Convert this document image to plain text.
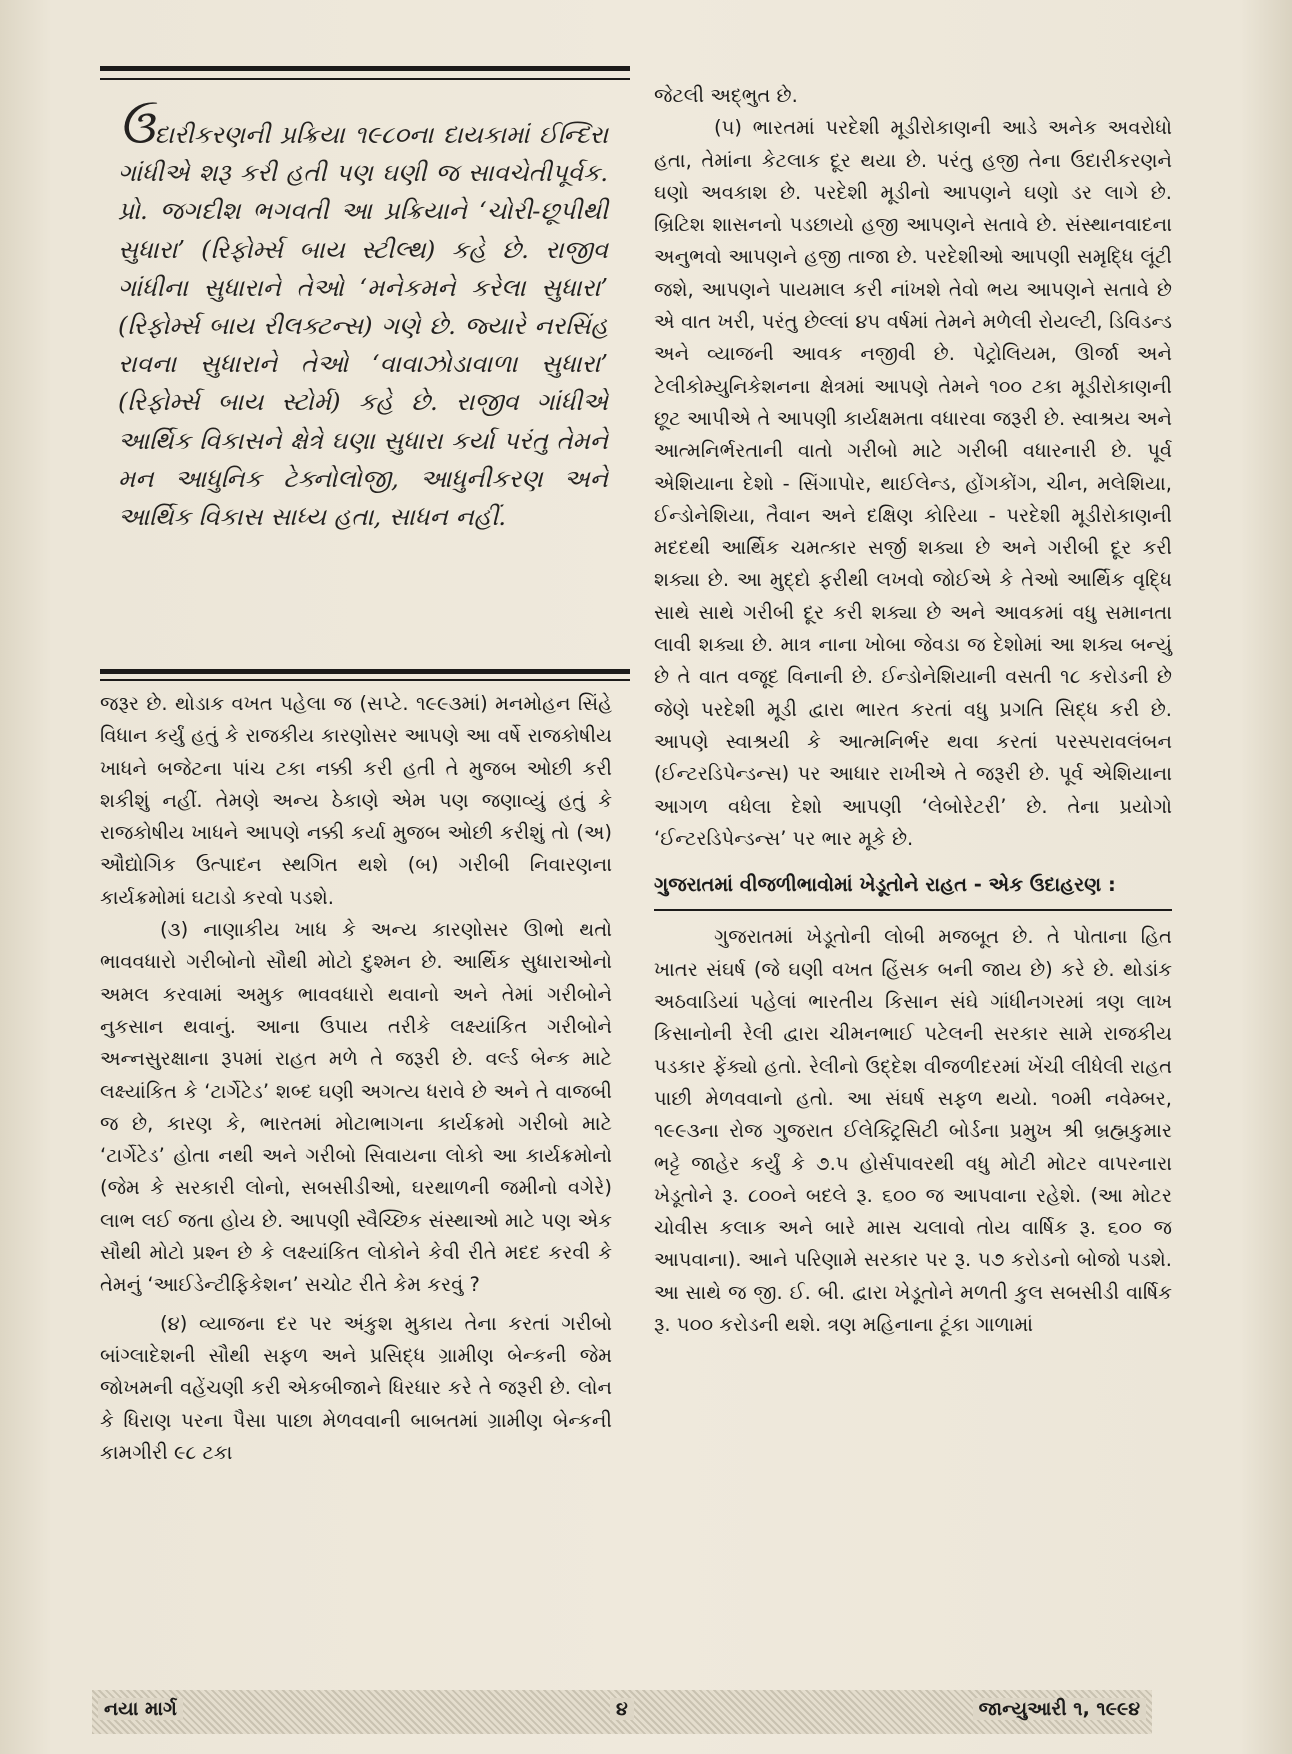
ઉદારીકરણની પ્રક્રિયા ૧૯૮૦ના દાયકામાં ઈન્દિરા ગાંધીએ શરૂ કરી હતી પણ ઘણી જ સાવચેતીપૂર્વક. પ્રો. જગદીશ ભગવતી આ પ્રક્રિયાને ‘ચોરી-છૂપીથી સુધારા’ (રિફોર્મ્સ બાય સ્ટીલ્થ) કહે છે. રાજીવ ગાંધીના સુધારાને તેઓ ‘મનેકમને કરેલા સુધારા’ (રિફોર્મ્સ બાય રીલક્ટન્સ) ગણે છે. જ્યારે નરસિંહ રાવના સુધારાને તેઓ ‘વાવાઝોડાવાળા સુધારા’ (રિફોર્મ્સ બાય સ્ટોર્મ) કહે છે. રાજીવ ગાંધીએ આર્થિક વિકાસને ક્ષેત્રે ઘણા સુધારા કર્યા પરંતુ તેમને મન આધુનિક ટેક્નોલોજી, આધુનીકરણ અને આર્થિક વિકાસ સાધ્ય હતા, સાધન નહીં.

જરૂર છે. થોડાક વખત પહેલા જ (સપ્ટે. ૧૯૯૩માં) મનમોહન સિંહે વિધાન કર્યું હતું કે રાજકીય કારણોસર આપણે આ વર્ષે રાજકોષીય ખાધને બજેટના પાંચ ટકા નક્કી કરી હતી તે મુજબ ઓછી કરી શકીશું નહીં. તેમણે અન્ય ઠેકાણે એમ પણ જણાવ્યું હતું કે રાજકોષીય ખાધને આપણે નક્કી કર્યા મુજબ ઓછી કરીશું તો (અ) ઔદ્યોગિક ઉત્પાદન સ્થગિત થશે (બ) ગરીબી નિવારણના કાર્યક્રમોમાં ઘટાડો કરવો પડશે.

(૩) નાણાકીય ખાધ કે અન્ય કારણોસર ઊભો થતો ભાવવધારો ગરીબોનો સૌથી મોટો દુશ્મન છે. આર્થિક સુધારાઓનો અમલ કરવામાં અમુક ભાવવધારો થવાનો અને તેમાં ગરીબોને નુકસાન થવાનું. આના ઉપાય તરીકે લક્ષ્યાંકિત ગરીબોને અન્નસુરક્ષાના રૂપમાં રાહત મળે તે જરૂરી છે. વર્લ્ડ બેન્ક માટે લક્ષ્યાંકિત કે ‘ટાર્ગેટેડ’ શબ્દ ઘણી અગત્ય ધરાવે છે અને તે વાજબી જ છે, કારણ કે, ભારતમાં મોટાભાગના કાર્યક્રમો ગરીબો માટે ‘ટાર્ગેટેડ’ હોતા નથી અને ગરીબો સિવાયના લોકો આ કાર્યક્રમોનો (જેમ કે સરકારી લોનો, સબસીડીઓ, ઘરથાળની જમીનો વગેરે) લાભ લઈ જતા હોય છે. આપણી સ્વૈચ્છિક સંસ્થાઓ માટે પણ એક સૌથી મોટો પ્રશ્ન છે કે લક્ષ્યાંકિત લોકોને કેવી રીતે મદદ કરવી કે તેમનું ‘આઈડેન્ટીફિકેશન’ સચોટ રીતે કેમ કરવું ?

(૪) વ્યાજના દર પર અંકુશ મુકાય તેના કરતાં ગરીબો બાંગ્લાદેશની સૌથી સફળ અને પ્રસિદ્ધ ગ્રામીણ બેન્કની જેમ જોખમની વહેંચણી કરી એકબીજાને ધિરધાર કરે તે જરૂરી છે. લોન કે ધિરાણ પરના પૈસા પાછા મેળવવાની બાબતમાં ગ્રામીણ બેન્કની કામગીરી ૯૮ ટકા

જેટલી અદ્ભુત છે.

(૫) ભારતમાં પરદેશી મૂડીરોકાણની આડે અનેક અવરોધો હતા, તેમાંના કેટલાક દૂર થયા છે. પરંતુ હજી તેના ઉદારીકરણને ઘણો અવકાશ છે. પરદેશી મૂડીનો આપણને ઘણો ડર લાગે છે. બ્રિટિશ શાસનનો પડછાયો હજી આપણને સતાવે છે. સંસ્થાનવાદના અનુભવો આપણને હજી તાજા છે. પરદેશીઓ આપણી સમૃદ્ધિ લૂંટી જશે, આપણને પાયમાલ કરી નાંખશે તેવો ભય આપણને સતાવે છે એ વાત ખરી, પરંતુ છેલ્લાં ૪૫ વર્ષમાં તેમને મળેલી રોયલ્ટી, ડિવિડન્ડ અને વ્યાજની આવક નજીવી છે. પેટ્રોલિયમ, ઊર્જા અને ટેલીકોમ્યુનિકેશનના ક્ષેત્રમાં આપણે તેમને ૧૦૦ ટકા મૂડીરોકાણની છૂટ આપીએ તે આપણી કાર્યક્ષમતા વધારવા જરૂરી છે. સ્વાશ્રય અને આત્મનિર્ભરતાની વાતો ગરીબો માટે ગરીબી વધારનારી છે. પૂર્વ એશિયાના દેશો - સિંગાપોર, થાઈલેન્ડ, હોંગકોંગ, ચીન, મલેશિયા, ઈન્ડોનેશિયા, તૈવાન અને દક્ષિણ કોરિયા - પરદેશી મૂડીરોકાણની મદદથી આર્થિક ચમત્કાર સર્જી શક્યા છે અને ગરીબી દૂર કરી શક્યા છે. આ મુદ્દો ફરીથી લખવો જોઈએ કે તેઓ આર્થિક વૃદ્ધિ સાથે સાથે ગરીબી દૂર કરી શક્યા છે અને આવકમાં વધુ સમાનતા લાવી શક્યા છે. માત્ર નાના ખોબા જેવડા જ દેશોમાં આ શક્ય બન્યું છે તે વાત વજૂદ વિનાની છે. ઈન્ડોનેશિયાની વસતી ૧૮ કરોડની છે જેણે પરદેશી મૂડી દ્વારા ભારત કરતાં વધુ પ્રગતિ સિદ્ધ કરી છે. આપણે સ્વાશ્રયી કે આત્મનિર્ભર થવા કરતાં પરસ્પરાવલંબન (ઈન્ટરડિપેન્ડન્સ) પર આધાર રાખીએ તે જરૂરી છે. પૂર્વ એશિયાના આગળ વધેલા દેશો આપણી ‘લેબોરેટરી’ છે. તેના પ્રયોગો ‘ઈન્ટરડિપેન્ડન્સ’ પર ભાર મૂકે છે.

ગુજરાતમાં વીજળીભાવોમાં ખેડૂતોને રાહત - એક ઉદાહરણ :

ગુજરાતમાં ખેડૂતોની લોબી મજબૂત છે. તે પોતાના હિત ખાતર સંઘર્ષ (જે ઘણી વખત હિંસક બની જાય છે) કરે છે. થોડાંક અઠવાડિયાં પહેલાં ભારતીય કિસાન સંઘે ગાંધીનગરમાં ત્રણ લાખ કિસાનોની રેલી દ્વારા ચીમનભાઈ પટેલની સરકાર સામે રાજકીય પડકાર ફેંક્યો હતો. રેલીનો ઉદ્દેશ વીજળીદરમાં ખેંચી લીધેલી રાહત પાછી મેળવવાનો હતો. આ સંઘર્ષ સફળ થયો. ૧૦મી નવેમ્બર, ૧૯૯૩ના રોજ ગુજરાત ઈલેક્ટ્રિસિટી બોર્ડના પ્રમુખ શ્રી બ્રહ્મકુમાર ભટ્ટે જાહેર કર્યું કે ૭.૫ હોર્સપાવરથી વધુ મોટી મોટર વાપરનારા ખેડૂતોને રૂ. ૮૦૦ને બદલે રૂ. ૬૦૦ જ આપવાના રહેશે. (આ મોટર ચોવીસ કલાક અને બારે માસ ચલાવો તોય વાર્ષિક રૂ. ૬૦૦ જ આપવાના). આને પરિણામે સરકાર પર રૂ. ૫૭ કરોડનો બોજો પડશે. આ સાથે જ જી. ઈ. બી. દ્વારા ખેડૂતોને મળતી કુલ સબસીડી વાર્ષિક રૂ. ૫૦૦ કરોડની થશે. ત્રણ મહિનાના ટૂંકા ગાળામાં

નયા માર્ગ	૪	જાન્યુઆરી ૧, ૧૯૯૪
